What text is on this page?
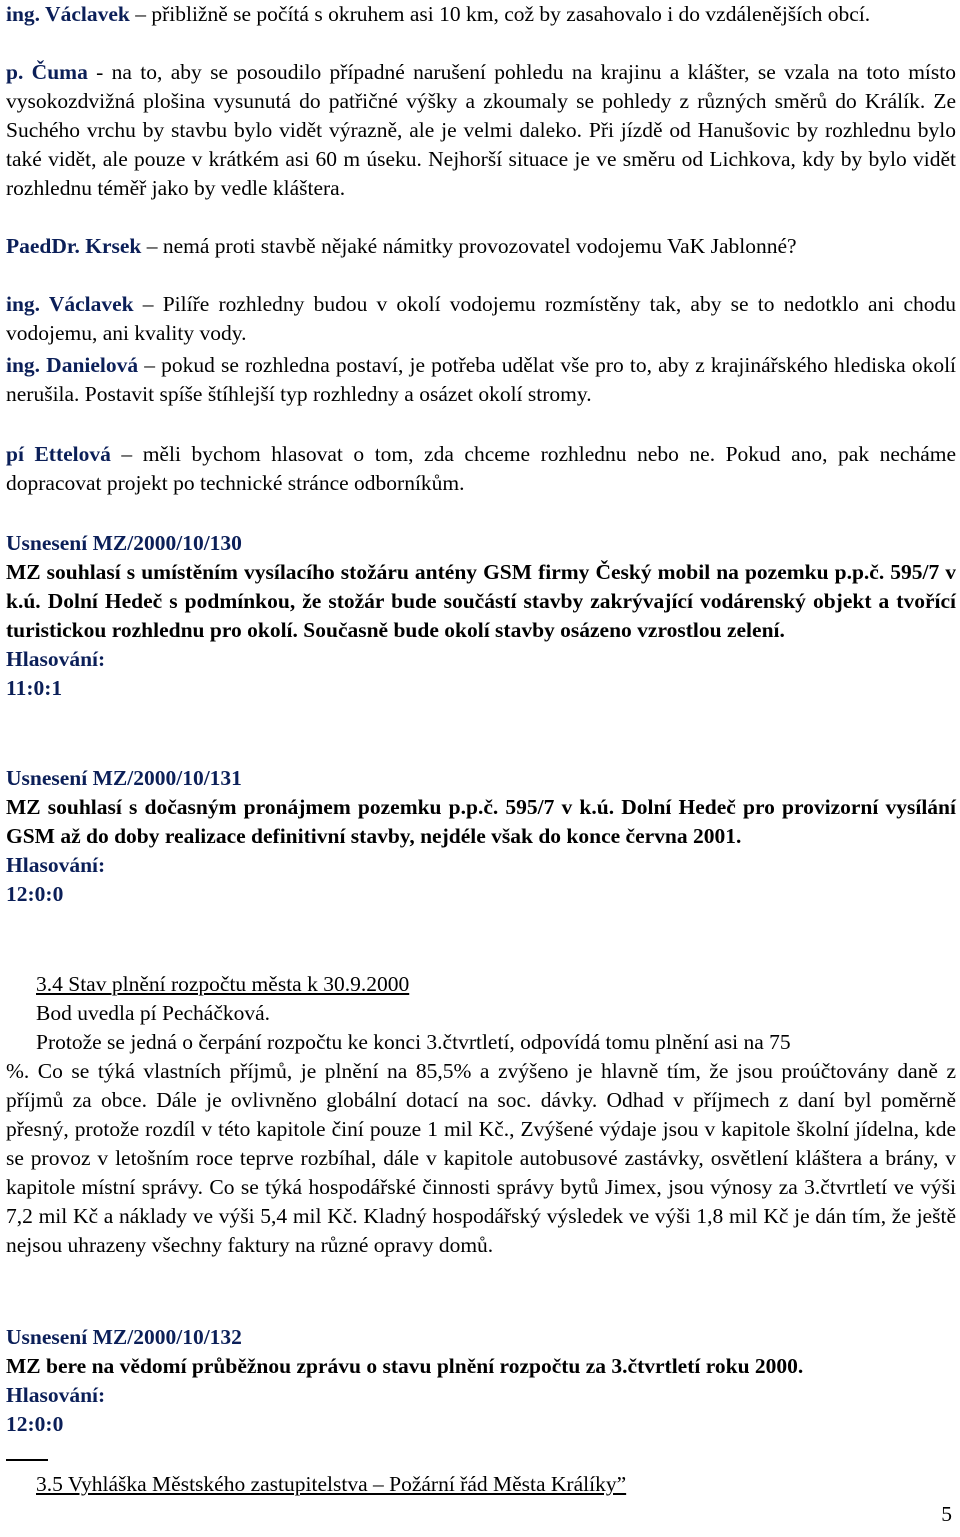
ing. Václavek – přibližně se počítá s okruhem asi 10 km, což by zasahovalo i do vzdálenějších obcí.

p. Čuma - na to, aby se posoudilo případné narušení pohledu na krajinu a klášter, se vzala na toto místo vysokozdvižná plošina vysunutá do patřičné výšky a zkoumaly se pohledy z různých směrů do Králík. Ze Suchého vrchu by stavbu bylo vidět výrazně, ale je velmi daleko. Při jízdě od Hanušovic by rozhlednu bylo také vidět, ale pouze v krátkém asi 60 m úseku. Nejhorší situace je ve směru od Lichkova, kdy by bylo vidět rozhlednu téměř jako by vedle kláštera.

PaedDr. Krsek – nemá proti stavbě nějaké námitky provozovatel vodojemu VaK Jablonné?

ing. Václavek – Pilíře rozhledny budou v okolí vodojemu rozmístěny tak, aby se to nedotklo ani chodu vodojemu, ani kvality vody.

ing. Danielová – pokud se rozhledna postaví, je potřeba udělat vše pro to, aby z krajinářského hlediska okolí nerušila. Postavit spíše štíhlejší typ rozhledny a osázet okolí stromy.

pí Ettelová – měli bychom hlasovat o tom, zda chceme rozhlednu nebo ne. Pokud ano, pak necháme dopracovat projekt po technické stránce odborníkům.

Usnesení MZ/2000/10/130

MZ souhlasí s umístěním vysílacího stožáru antény GSM firmy Český mobil na pozemku p.p.č. 595/7 v k.ú. Dolní Hedeč s podmínkou, že stožár bude součástí stavby zakrývající vodárenský objekt a tvořící turistickou rozhlednu pro okolí. Současně bude okolí stavby osázeno vzrostlou zelení.

Hlasování:

11:0:1

Usnesení MZ/2000/10/131

MZ souhlasí s dočasným pronájmem pozemku p.p.č. 595/7 v k.ú. Dolní Hedeč pro provizorní vysílání GSM až do doby realizace definitivní stavby, nejdéle však do konce června 2001.

Hlasování:

12:0:0

3.4 Stav plnění rozpočtu města k 30.9.2000

Bod uvedla pí Pecháčková.

Protože se jedná o čerpání rozpočtu ke konci 3.čtvrtletí, odpovídá tomu plnění asi na 75

%. Co se týká vlastních příjmů, je plnění na 85,5% a zvýšeno je hlavně tím, že jsou proúčtovány daně z příjmů za obce. Dále je ovlivněno globální dotací na soc. dávky. Odhad v příjmech z daní byl poměrně přesný, protože rozdíl v této kapitole činí pouze 1 mil Kč., Zvýšené výdaje jsou v kapitole školní jídelna, kde se provoz v letošním roce teprve rozbíhal, dále v kapitole autobusové zastávky, osvětlení kláštera a brány, v kapitole místní správy. Co se týká hospodářské činnosti správy bytů Jimex, jsou výnosy za 3.čtvrtletí ve výši 7,2 mil Kč a náklady ve výši 5,4 mil Kč. Kladný hospodářský výsledek ve výši 1,8 mil Kč je dán tím, že ještě nejsou uhrazeny všechny faktury na různé opravy domů.

Usnesení MZ/2000/10/132

MZ bere na vědomí průběžnou zprávu o stavu plnění rozpočtu za 3.čtvrtletí roku 2000.

Hlasování:

12:0:0

3.5 Vyhláška Městského zastupitelstva – Požární řád Města Králíky”

5
